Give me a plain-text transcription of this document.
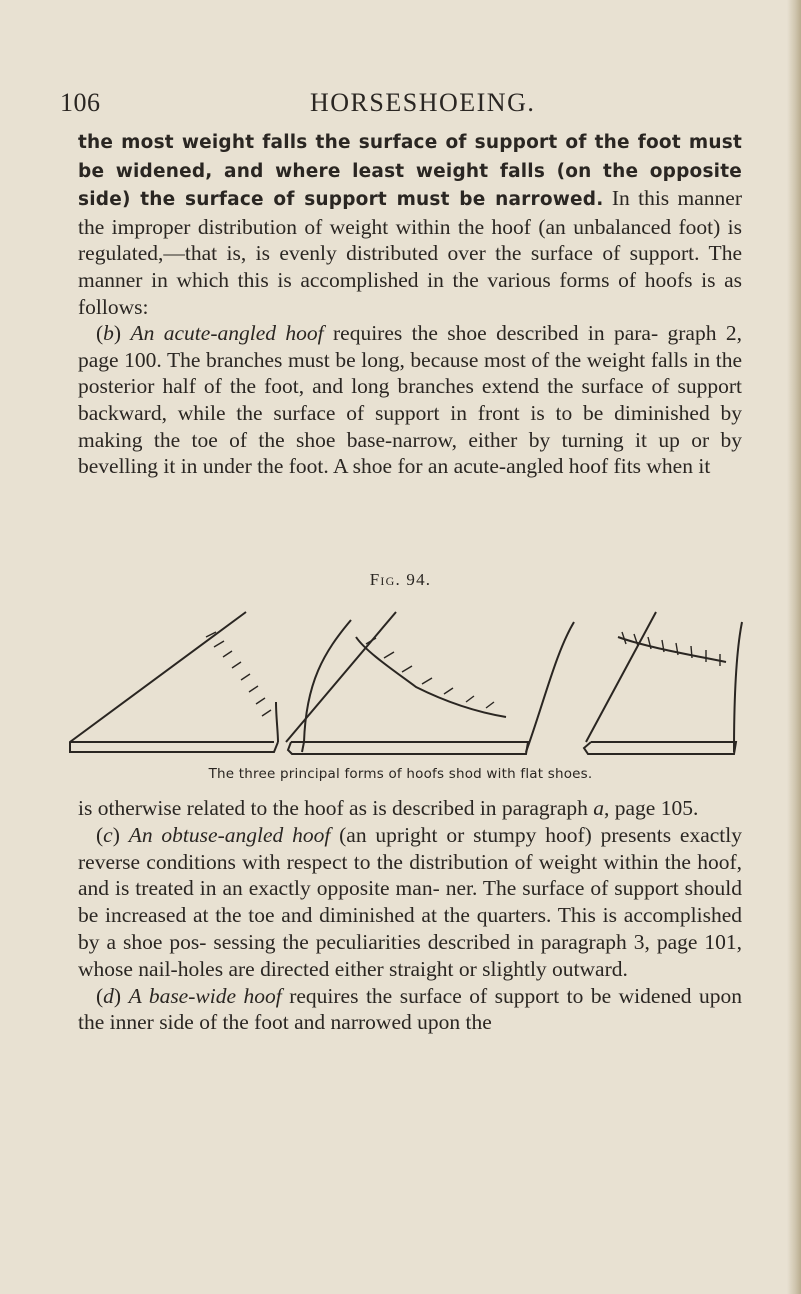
106	HORSESHOEING.

the most weight falls the surface of support of the foot must be widened, and where least weight falls (on the opposite side) the surface of support must be narrowed. In this manner the improper distribution of weight within the hoof (an unbalanced foot) is regulated,—that is, is evenly distributed over the surface of support. The manner in which this is accomplished in the various forms of hoofs is as follows:

(b) An acute-angled hoof requires the shoe described in para- graph 2, page 100. The branches must be long, because most of the weight falls in the posterior half of the foot, and long branches extend the surface of support backward, while the surface of support in front is to be diminished by making the toe of the shoe base-narrow, either by turning it up or by bevelling it in under the foot. A shoe for an acute-angled hoof fits when it

Fig. 94.
The three principal forms of hoofs shod with flat shoes.

is otherwise related to the hoof as is described in paragraph a, page 105.

(c) An obtuse-angled hoof (an upright or stumpy hoof) presents exactly reverse conditions with respect to the distribution of weight within the hoof, and is treated in an exactly opposite man- ner. The surface of support should be increased at the toe and diminished at the quarters. This is accomplished by a shoe pos- sessing the peculiarities described in paragraph 3, page 101, whose nail-holes are directed either straight or slightly outward.

(d) A base-wide hoof requires the surface of support to be widened upon the inner side of the foot and narrowed upon the
